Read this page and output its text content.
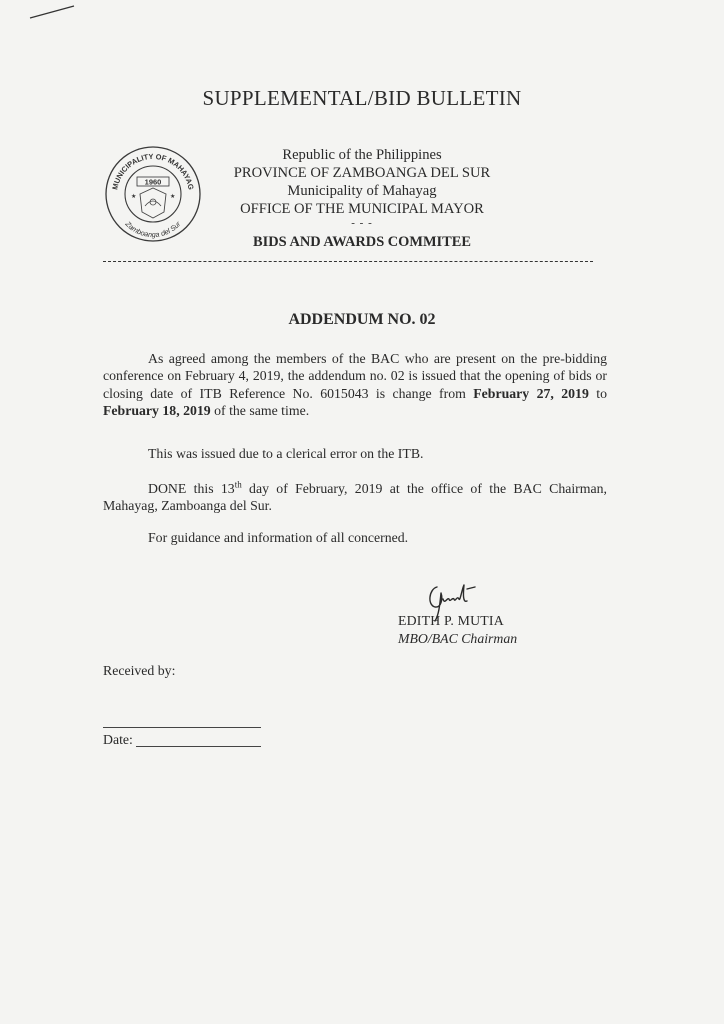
SUPPLEMENTAL/BID BULLETIN
MUNICIPALITY OF MAHAYAG
Zamboanga del Sur
1960
★	★
Republic of the Philippines
PROVINCE OF ZAMBOANGA DEL SUR
Municipality of Mahayag
OFFICE OF THE MUNICIPAL MAYOR
- - -
BIDS AND AWARDS COMMITEE
ADDENDUM NO. 02
As agreed among the members of the BAC who are present on the pre-bidding conference on February 4, 2019, the addendum no. 02 is issued that the opening of bids or closing date of ITB Reference No. 6015043 is change from February 27, 2019 to February 18, 2019 of the same time.
This was issued due to a clerical error on the ITB.
DONE this 13th day of February, 2019 at the office of the BAC Chairman, Mahayag, Zamboanga del Sur.
For guidance and information of all concerned.
EDITH P. MUTIA
MBO/BAC Chairman
Received by:
Date:
